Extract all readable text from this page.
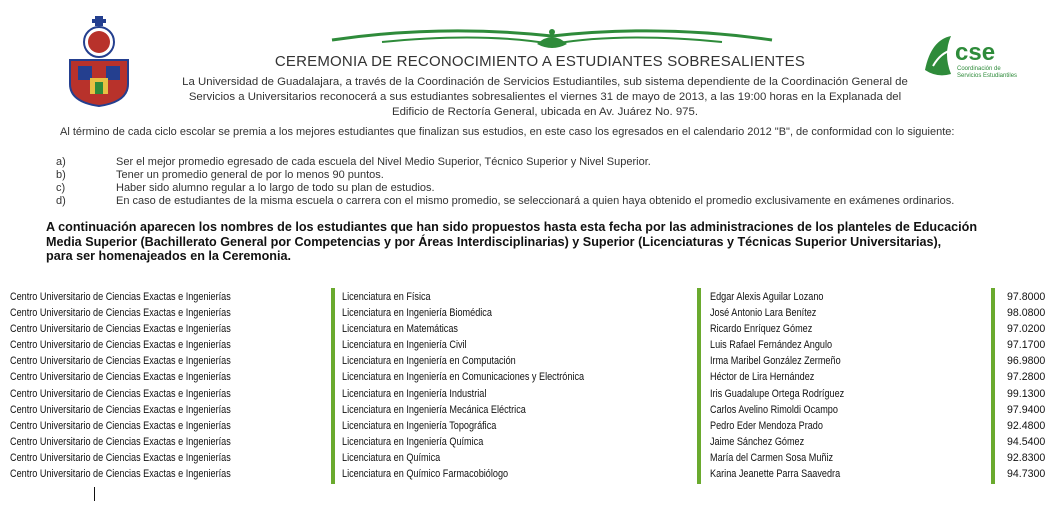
cse
Coordinación de
Servicios Estudiantiles
CEREMONIA DE RECONOCIMIENTO A ESTUDIANTES SOBRESALIENTES
La Universidad de Guadalajara, a través de la Coordinación de Servicios Estudiantiles, sub sistema dependiente de la Coordinación General de
Servicios a Universitarios reconocerá a sus estudiantes sobresalientes el viernes 31 de mayo de 2013, a las 19:00 horas en la Explanada del
Edificio de Rectoría General, ubicada en Av. Juárez No. 975.
Al término de cada ciclo escolar se premia a los mejores estudiantes que finalizan sus estudios, en este caso los egresados en el calendario 2012 "B", de conformidad con lo siguiente:
a)	Ser el mejor promedio egresado de cada escuela del Nivel Medio Superior, Técnico Superior y Nivel Superior.
b)	Tener un promedio general de por lo menos 90 puntos.
c)	Haber sido alumno regular a lo largo de todo su plan de estudios.
d)	En caso de estudiantes de la misma escuela o carrera con el mismo promedio, se seleccionará a quien haya obtenido el promedio exclusivamente en exámenes ordinarios.
A continuación aparecen los nombres de los estudiantes que han sido propuestos hasta esta fecha por las administraciones de los planteles de Educación
Media Superior (Bachillerato General por Competencias y por Áreas Interdisciplinarias) y Superior (Licenciaturas y Técnicas Superior Universitarias),
para ser homenajeados en la Ceremonia.
Centro Universitario de Ciencias Exactas e Ingenierías	Licenciatura en Física	Edgar Alexis Aguilar Lozano	97.8000
Centro Universitario de Ciencias Exactas e Ingenierías	Licenciatura en Ingeniería Biomédica	José Antonio Lara Benítez	98.0800
Centro Universitario de Ciencias Exactas e Ingenierías	Licenciatura en Matemáticas	Ricardo Enríquez Gómez	97.0200
Centro Universitario de Ciencias Exactas e Ingenierías	Licenciatura en Ingeniería Civil	Luis Rafael Fernández Angulo	97.1700
Centro Universitario de Ciencias Exactas e Ingenierías	Licenciatura en Ingeniería en Computación	Irma Maribel González Zermeño	96.9800
Centro Universitario de Ciencias Exactas e Ingenierías	Licenciatura en Ingeniería en Comunicaciones y Electrónica	Héctor de Lira Hernández	97.2800
Centro Universitario de Ciencias Exactas e Ingenierías	Licenciatura en Ingeniería Industrial	Iris Guadalupe Ortega Rodríguez	99.1300
Centro Universitario de Ciencias Exactas e Ingenierías	Licenciatura en Ingeniería Mecánica Eléctrica	Carlos Avelino Rimoldi Ocampo	97.9400
Centro Universitario de Ciencias Exactas e Ingenierías	Licenciatura en Ingeniería Topográfica	Pedro Eder Mendoza Prado	92.4800
Centro Universitario de Ciencias Exactas e Ingenierías	Licenciatura en Ingeniería Química	Jaime Sánchez Gómez	94.5400
Centro Universitario de Ciencias Exactas e Ingenierías	Licenciatura en Química	María del Carmen Sosa Muñiz	92.8300
Centro Universitario de Ciencias Exactas e Ingenierías	Licenciatura en Químico Farmacobiólogo	Karina Jeanette Parra Saavedra	94.7300
